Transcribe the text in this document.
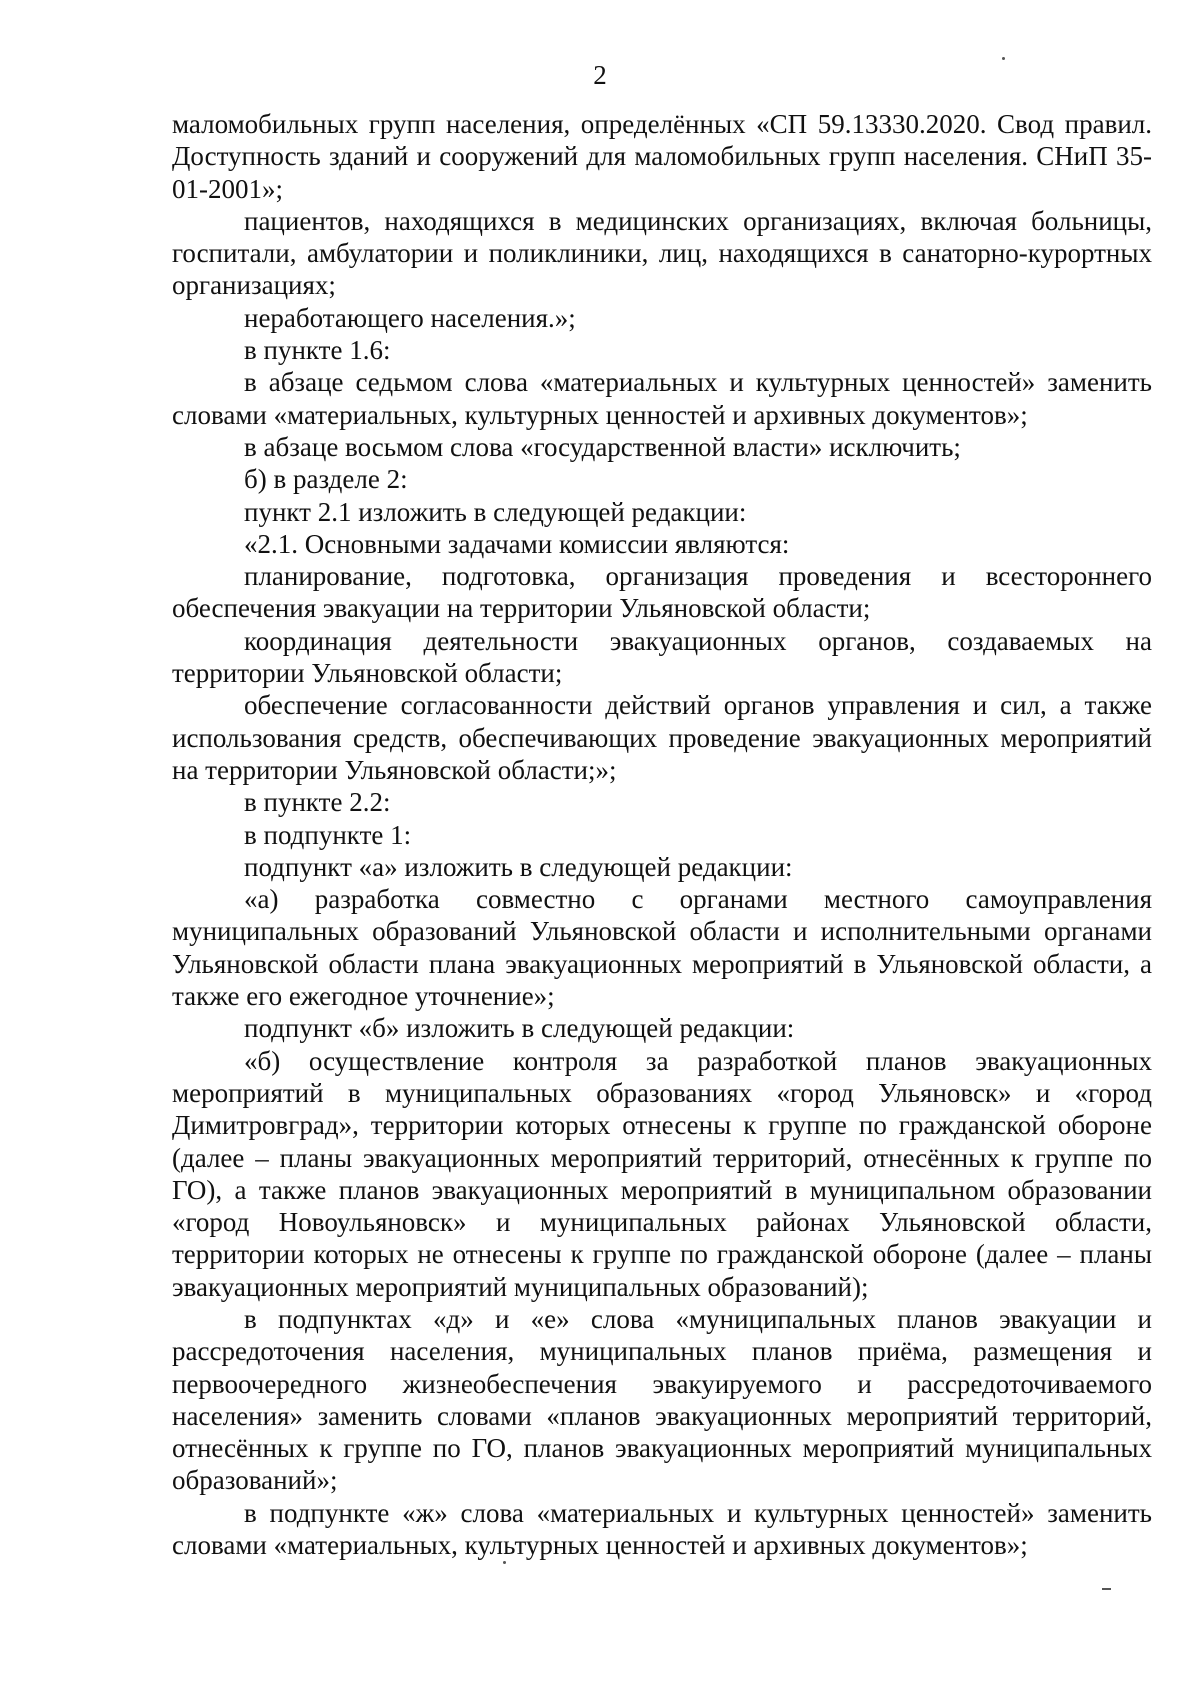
2

маломобильных групп населения, определённых «СП 59.13330.2020. Свод правил. Доступность зданий и сооружений для маломобильных групп населения. СНиП 35-01-2001»;

пациентов, находящихся в медицинских организациях, включая больницы, госпитали, амбулатории и поликлиники, лиц, находящихся в санаторно-курортных организациях;

неработающего населения.»;

в пункте 1.6:

в абзаце седьмом слова «материальных и культурных ценностей» заменить словами «материальных, культурных ценностей и архивных документов»;

в абзаце восьмом слова «государственной власти» исключить;

б) в разделе 2:

пункт 2.1 изложить в следующей редакции:

«2.1. Основными задачами комиссии являются:

планирование, подготовка, организация проведения и всестороннего обеспечения эвакуации на территории Ульяновской области;

координация деятельности эвакуационных органов, создаваемых на территории Ульяновской области;

обеспечение согласованности действий органов управления и сил, а также использования средств, обеспечивающих проведение эвакуационных мероприятий на территории Ульяновской области;»;

в пункте 2.2:

в подпункте 1:

подпункт «а» изложить в следующей редакции:

«а) разработка совместно с органами местного самоуправления муниципальных образований Ульяновской области и исполнительными органами Ульяновской области плана эвакуационных мероприятий в Ульяновской области, а также его ежегодное уточнение»;

подпункт «б» изложить в следующей редакции:

«б) осуществление контроля за разработкой планов эвакуационных мероприятий в муниципальных образованиях «город Ульяновск» и «город Димитровград», территории которых отнесены к группе по гражданской обороне (далее – планы эвакуационных мероприятий территорий, отнесённых к группе по ГО), а также планов эвакуационных мероприятий в муниципальном образовании «город Новоульяновск» и муниципальных районах Ульяновской области, территории которых не отнесены к группе по гражданской обороне (далее – планы эвакуационных мероприятий муниципальных образований);

в подпунктах «д» и «е» слова «муниципальных планов эвакуации и рассредоточения населения, муниципальных планов приёма, размещения и первоочередного жизнеобеспечения эвакуируемого и рассредоточиваемого населения» заменить словами «планов эвакуационных мероприятий территорий, отнесённых к группе по ГО, планов эвакуационных мероприятий муниципальных образований»;

в подпункте «ж» слова «материальных и культурных ценностей» заменить словами «материальных, культурных ценностей и архивных документов»;
